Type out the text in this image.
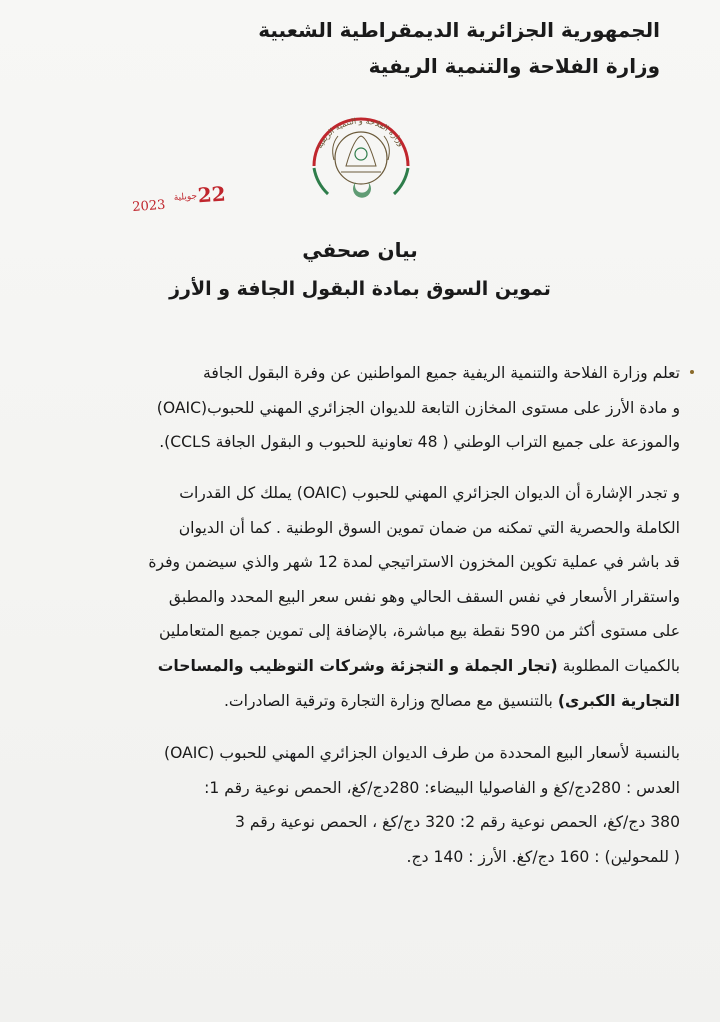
الجمهورية الجزائرية الديمقراطية الشعبية
وزارة الفلاحة والتنمية الريفية
وزارة الفلاحة و التنمية الريفية
2023
جويلية 22
بيان صحفي
تموين السوق بمادة البقول الجافة و الأرز
تعلم وزارة الفلاحة والتنمية الريفية جميع المواطنين عن وفرة البقول الجافة
و مادة الأرز على مستوى المخازن التابعة للديوان الجزائري المهني للحبوب(OAIC)
والموزعة على جميع التراب الوطني ( 48 تعاونية للحبوب و البقول الجافة CCLS).
و تجدر الإشارة أن الديوان الجزائري المهني للحبوب (OAIC) يملك كل القدرات
الكاملة والحصرية التي تمكنه من ضمان تموين السوق الوطنية . كما أن الديوان
قد باشر في عملية تكوين المخزون الاستراتيجي لمدة 12 شهر والذي سيضمن وفرة
واستقرار الأسعار في نفس السقف الحالي وهو نفس سعر البيع المحدد والمطبق
على مستوى أكثر من 590 نقطة بيع مباشرة، بالإضافة إلى تموين جميع المتعاملين
بالكميات المطلوبة (تجار الجملة و التجزئة وشركات التوظيب والمساحات
التجارية الكبرى) بالتنسيق مع مصالح وزارة التجارة وترقية الصادرات.
بالنسبة لأسعار البيع المحددة من طرف الديوان الجزائري المهني للحبوب (OAIC)
العدس : 280دج/كغ و الفاصوليا البيضاء: 280دج/كغ، الحمص نوعية رقم 1:
380 دج/كغ، الحمص نوعية رقم 2: 320 دج/كغ ، الحمص نوعية رقم 3
( للمحولين) : 160 دج/كغ. الأرز : 140 دج.
